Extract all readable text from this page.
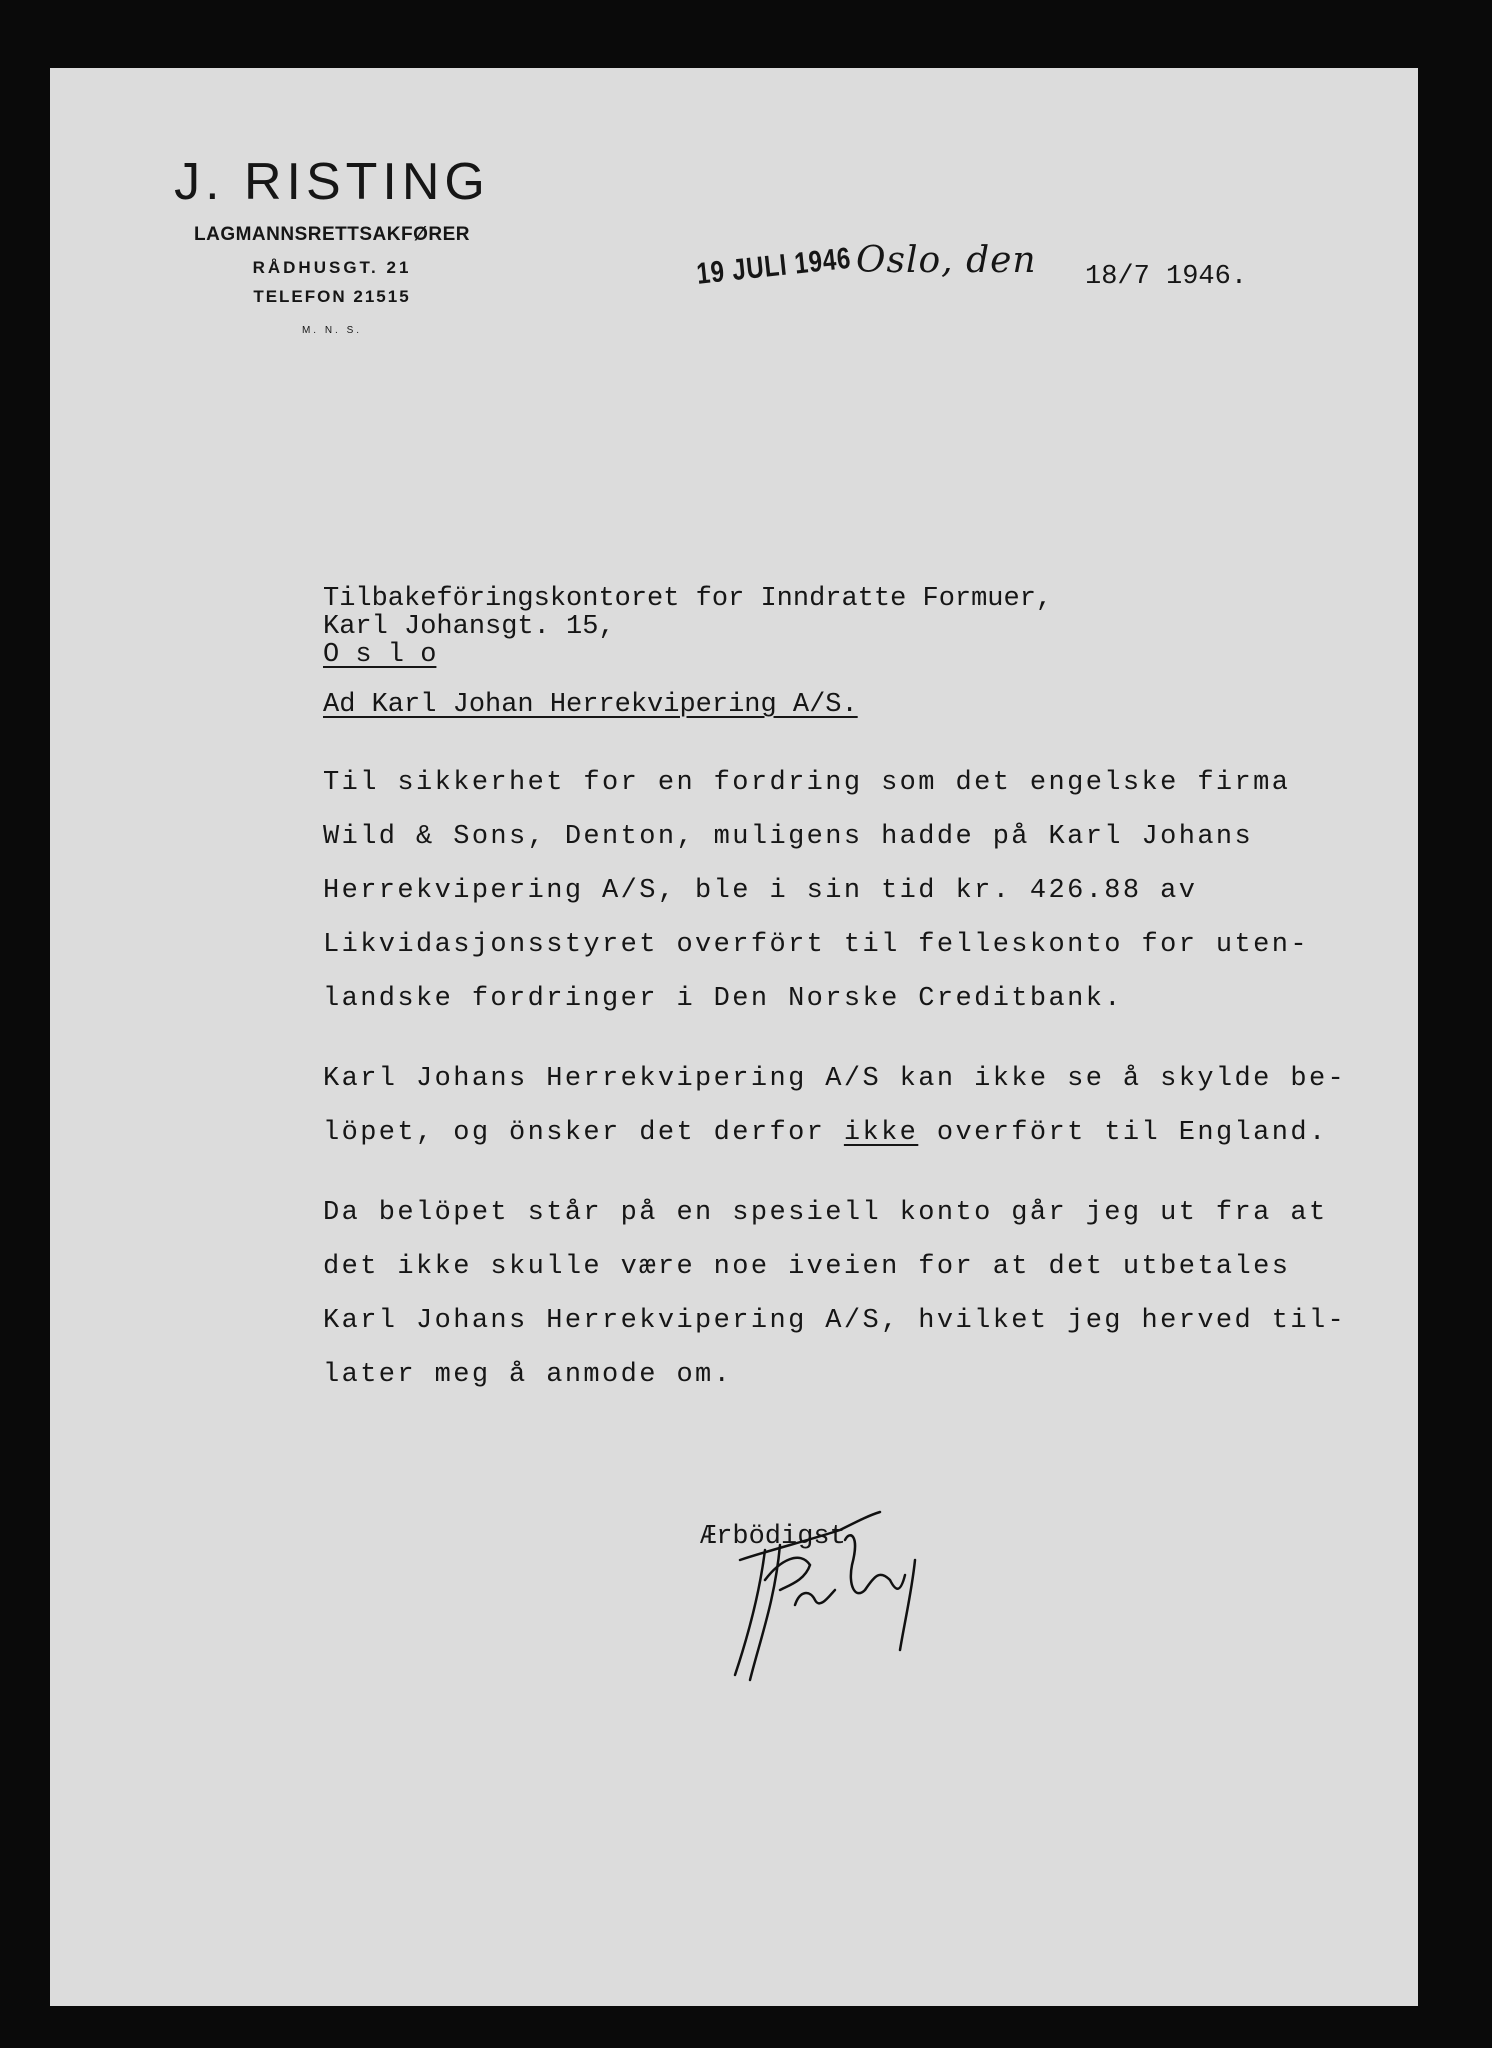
J. RISTING
LAGMANNSRETTSAKFØRER
RÅDHUSGT. 21
TELEFON 21515
M. N. S.
19 JULI 1946 Oslo, den 18/7 1946.
Tilbakeföringskontoret for Inndratte Formuer,
Karl Johansgt. 15,
O s l o
Ad Karl Johan Herrekvipering A/S.
Til sikkerhet for en fordring som det engelske firma
Wild & Sons, Denton, muligens hadde på Karl Johans
Herrekvipering A/S, ble i sin tid kr. 426.88 av
Likvidasjonsstyret overfört til felleskonto for uten-
landske fordringer i Den Norske Creditbank.
Karl Johans Herrekvipering A/S kan ikke se å skylde be-
löpet, og önsker det derfor ikke overfört til England.
Da belöpet står på en spesiell konto går jeg ut fra at
det ikke skulle være noe iveien for at det utbetales
Karl Johans Herrekvipering A/S, hvilket jeg herved til-
later meg å anmode om.
Ærbödigst
